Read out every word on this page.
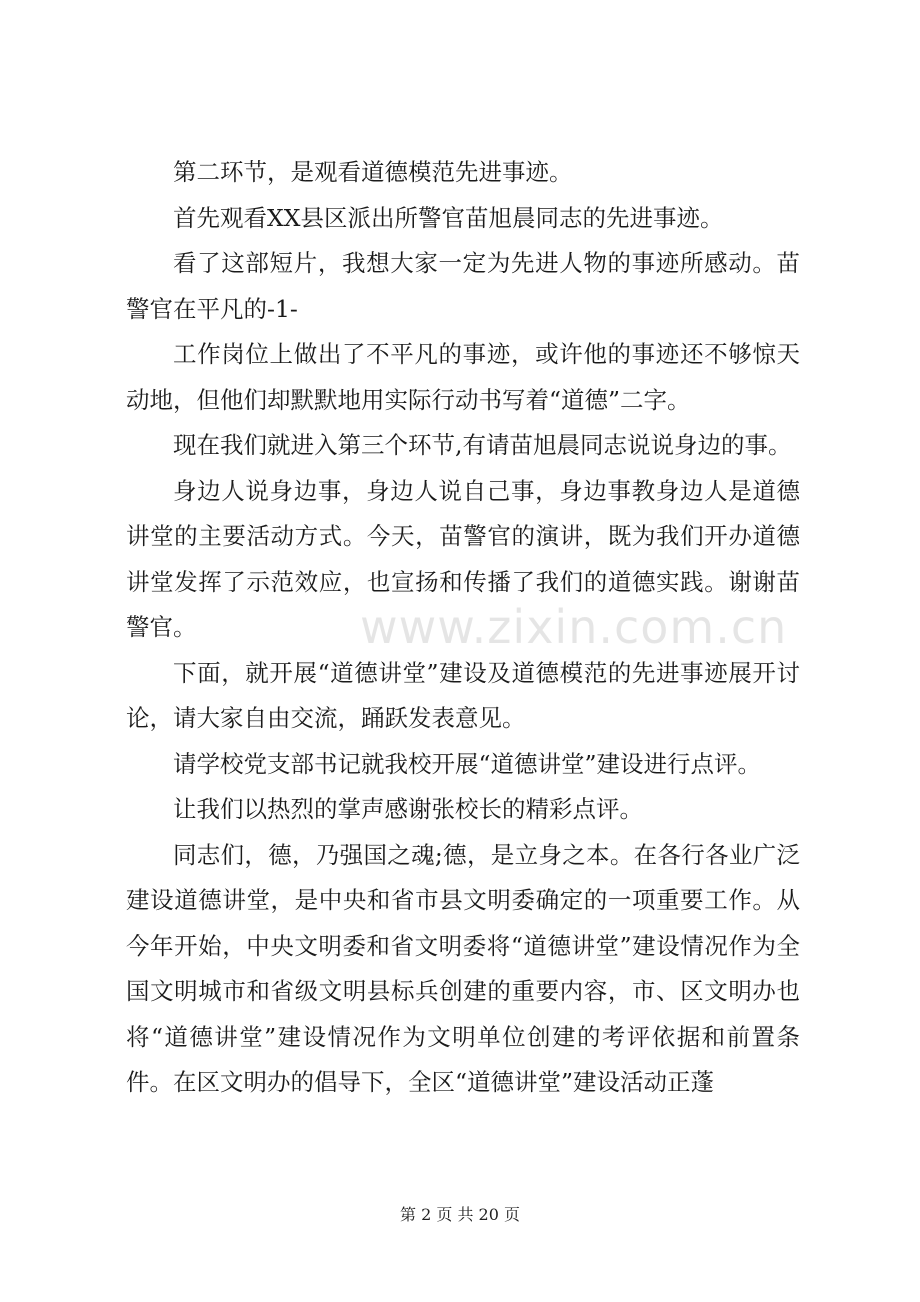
第二环节，是观看道德模范先进事迹。

首先观看XX县区派出所警官苗旭晨同志的先进事迹。

看了这部短片，我想大家一定为先进人物的事迹所感动。苗警官在平凡的-1-

工作岗位上做出了不平凡的事迹，或许他的事迹还不够惊天动地，但他们却默默地用实际行动书写着“道德”二字。

现在我们就进入第三个环节,有请苗旭晨同志说说身边的事。

身边人说身边事，身边人说自己事，身边事教身边人是道德讲堂的主要活动方式。今天，苗警官的演讲，既为我们开办道德讲堂发挥了示范效应，也宣扬和传播了我们的道德实践。谢谢苗警官。

下面，就开展“道德讲堂”建设及道德模范的先进事迹展开讨论，请大家自由交流，踊跃发表意见。

请学校党支部书记就我校开展“道德讲堂”建设进行点评。

让我们以热烈的掌声感谢张校长的精彩点评。

同志们，德，乃强国之魂;德，是立身之本。在各行各业广泛建设道德讲堂，是中央和省市县文明委确定的一项重要工作。从今年开始，中央文明委和省文明委将“道德讲堂”建设情况作为全国文明城市和省级文明县标兵创建的重要内容，市、区文明办也将“道德讲堂”建设情况作为文明单位创建的考评依据和前置条件。在区文明办的倡导下，全区“道德讲堂”建设活动正蓬

www.zixin.com.cn
第 2 页 共 20 页
